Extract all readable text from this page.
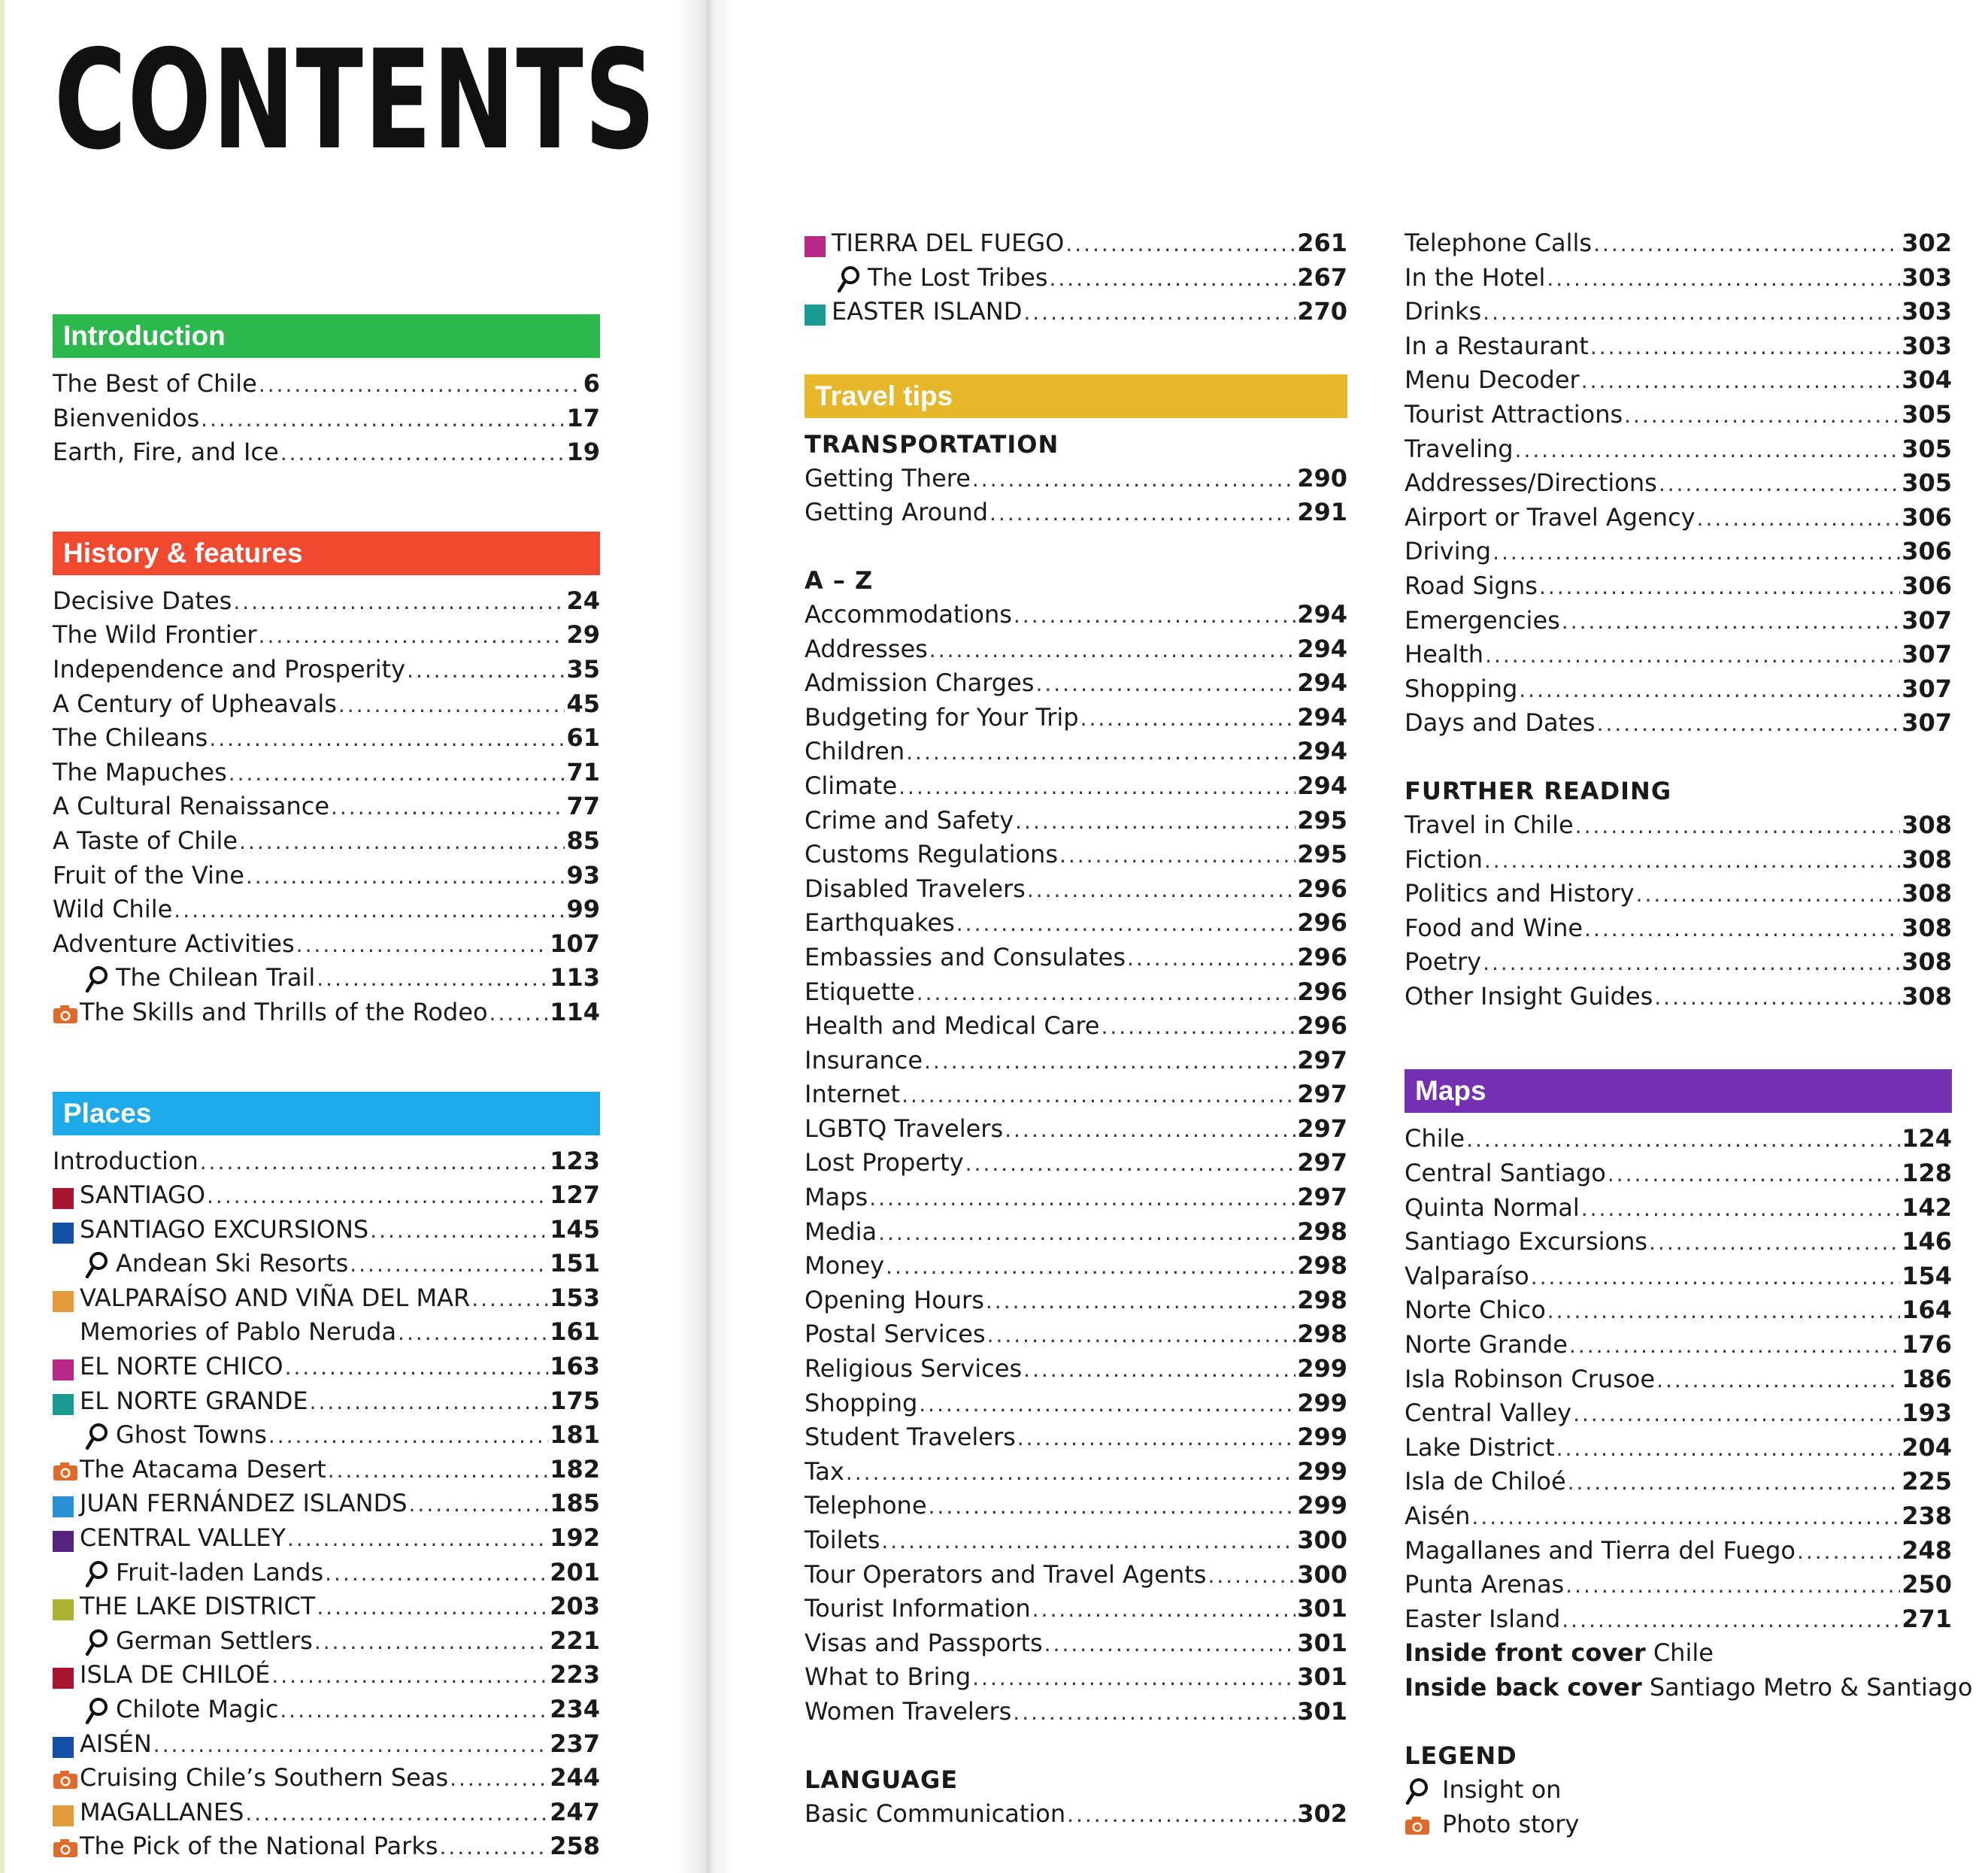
CONTENTS
Introduction
The Best of Chile .....	6
Bienvenidos .....	17
Earth, Fire, and Ice .....	19
History & features
Decisive Dates .....	24
The Wild Frontier .....	29
Independence and Prosperity .....	35
A Century of Upheavals .....	45
The Chileans .....	61
The Mapuches .....	71
A Cultural Renaissance .....	77
A Taste of Chile .....	85
Fruit of the Vine .....	93
Wild Chile .....	99
Adventure Activities .....	107
The Chilean Trail .....	113
The Skills and Thrills of the Rodeo .....	114
Places
Introduction .....	123
SANTIAGO .....	127
SANTIAGO EXCURSIONS .....	145
Andean Ski Resorts .....	151
VALPARAÍSO AND VIÑA DEL MAR .....	153
Memories of Pablo Neruda .....	161
EL NORTE CHICO .....	163
EL NORTE GRANDE .....	175
Ghost Towns .....	181
The Atacama Desert .....	182
JUAN FERNÁNDEZ ISLANDS .....	185
CENTRAL VALLEY .....	192
Fruit-laden Lands .....	201
THE LAKE DISTRICT .....	203
German Settlers .....	221
ISLA DE CHILOÉ .....	223
Chilote Magic .....	234
AISÉN .....	237
Cruising Chile’s Southern Seas .....	244
MAGALLANES .....	247
The Pick of the National Parks .....	258
TIERRA DEL FUEGO .....	261
The Lost Tribes .....	267
EASTER ISLAND .....	270
Travel tips
TRANSPORTATION
Getting There .....	290
Getting Around .....	291
A – Z
Accommodations .....	294
Addresses .....	294
Admission Charges .....	294
Budgeting for Your Trip .....	294
Children .....	294
Climate .....	294
Crime and Safety .....	295
Customs Regulations .....	295
Disabled Travelers .....	296
Earthquakes .....	296
Embassies and Consulates .....	296
Etiquette .....	296
Health and Medical Care .....	296
Insurance .....	297
Internet .....	297
LGBTQ Travelers .....	297
Lost Property .....	297
Maps .....	297
Media .....	298
Money .....	298
Opening Hours .....	298
Postal Services .....	298
Religious Services .....	299
Shopping .....	299
Student Travelers .....	299
Tax .....	299
Telephone .....	299
Toilets .....	300
Tour Operators and Travel Agents .....	300
Tourist Information .....	301
Visas and Passports .....	301
What to Bring .....	301
Women Travelers .....	301
LANGUAGE
Basic Communication .....	302
Telephone Calls .....	302
In the Hotel .....	303
Drinks .....	303
In a Restaurant .....	303
Menu Decoder .....	304
Tourist Attractions .....	305
Traveling .....	305
Addresses/Directions .....	305
Airport or Travel Agency .....	306
Driving .....	306
Road Signs .....	306
Emergencies .....	307
Health .....	307
Shopping .....	307
Days and Dates .....	307
FURTHER READING
Travel in Chile .....	308
Fiction .....	308
Politics and History .....	308
Food and Wine .....	308
Poetry .....	308
Other Insight Guides .....	308
Maps
Chile .....	124
Central Santiago .....	128
Quinta Normal .....	142
Santiago Excursions .....	146
Valparaíso .....	154
Norte Chico .....	164
Norte Grande .....	176
Isla Robinson Crusoe .....	186
Central Valley .....	193
Lake District .....	204
Isla de Chiloé .....	225
Aisén .....	238
Magallanes and Tierra del Fuego .....	248
Punta Arenas .....	250
Easter Island .....	271
Inside front cover Chile
Inside back cover Santiago Metro & Santiago
LEGEND
Insight on
Photo story
